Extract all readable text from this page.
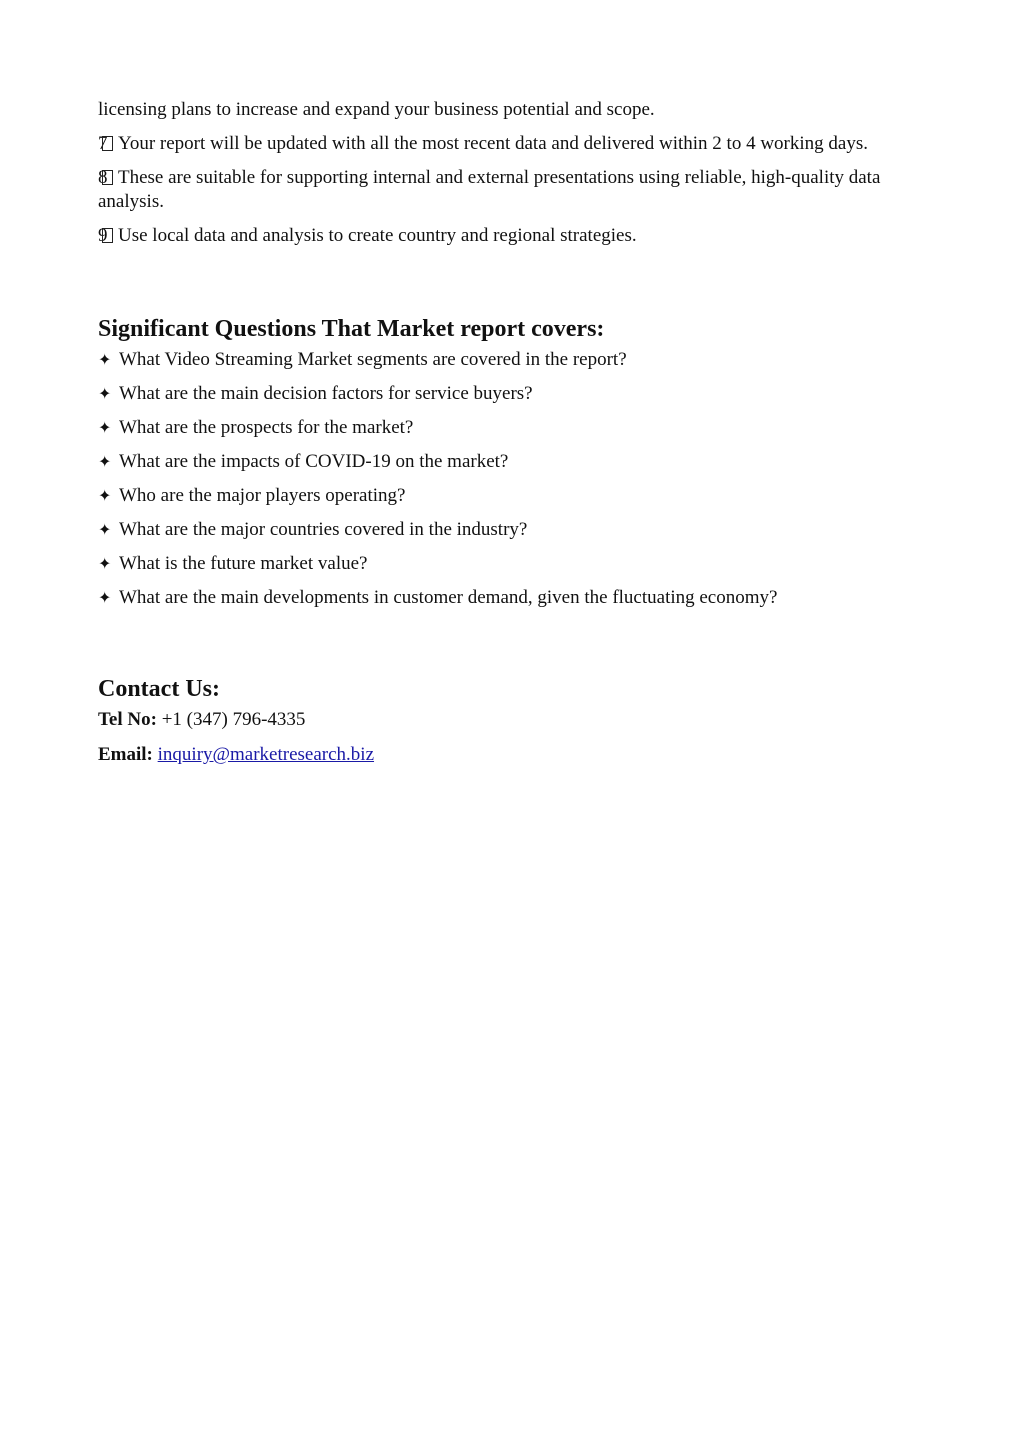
licensing plans to increase and expand your business potential and scope.

7 Your report will be updated with all the most recent data and delivered within 2 to 4 working days.

8 These are suitable for supporting internal and external presentations using reliable, high-quality data analysis.

9 Use local data and analysis to create country and regional strategies.

Significant Questions That Market report covers:

✦ What Video Streaming Market segments are covered in the report?

✦ What are the main decision factors for service buyers?

✦ What are the prospects for the market?

✦ What are the impacts of COVID-19 on the market?

✦ Who are the major players operating?

✦ What are the major countries covered in the industry?

✦ What is the future market value?

✦ What are the main developments in customer demand, given the fluctuating economy?

Contact Us:

Tel No: +1 (347) 796-4335

Email: inquiry@marketresearch.biz
